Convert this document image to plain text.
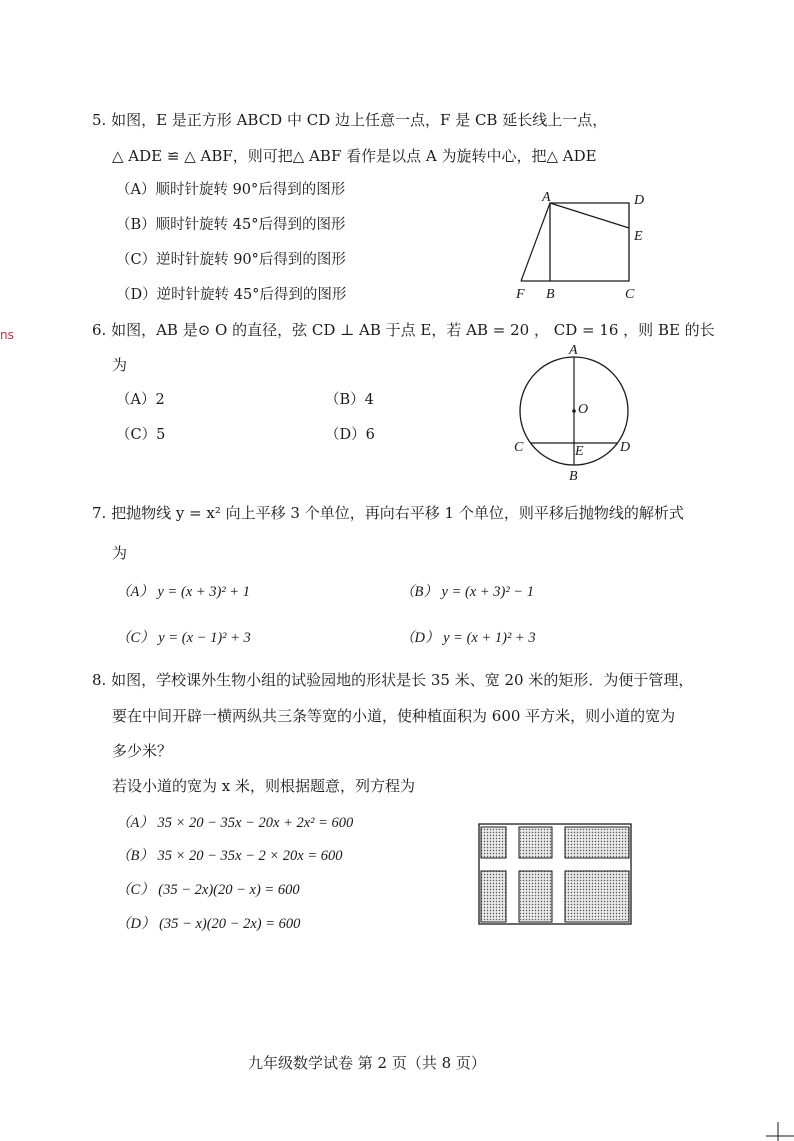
ns
5. 如图，E 是正方形 ABCD 中 CD 边上任意一点，F 是 CB 延长线上一点，
△ ADE ≌ △ ABF，则可把△ ABF 看作是以点 A 为旋转中心，把△ ADE
（A）顺时针旋转 90°后得到的图形
（B）顺时针旋转 45°后得到的图形
（C）逆时针旋转 90°后得到的图形
（D）逆时针旋转 45°后得到的图形
A	D
E
F B	C
6. 如图，AB 是⊙ O 的直径，弦 CD ⊥ AB 于点 E，若 AB = 20 ， CD = 16 ，则 BE 的长
为
（A）2	（B）4
（C）5	（D）6
A
O
C	E	D
B
7. 把抛物线 y = x² 向上平移 3 个单位，再向右平移 1 个单位，则平移后抛物线的解析式
为
（A） y = (x + 3)² + 1	（B） y = (x + 3)² − 1
（C） y = (x − 1)² + 3	（D） y = (x + 1)² + 3
8. 如图，学校课外生物小组的试验园地的形状是长 35 米、宽 20 米的矩形．为便于管理，
要在中间开辟一横两纵共三条等宽的小道，使种植面积为 600 平方米，则小道的宽为
多少米？
若设小道的宽为 x 米，则根据题意，列方程为
（A） 35 × 20 − 35x − 20x + 2x² = 600
（B） 35 × 20 − 35x − 2 × 20x = 600
（C） (35 − 2x)(20 − x) = 600
（D） (35 − x)(20 − 2x) = 600
九年级数学试卷 第 2 页（共 8 页）
